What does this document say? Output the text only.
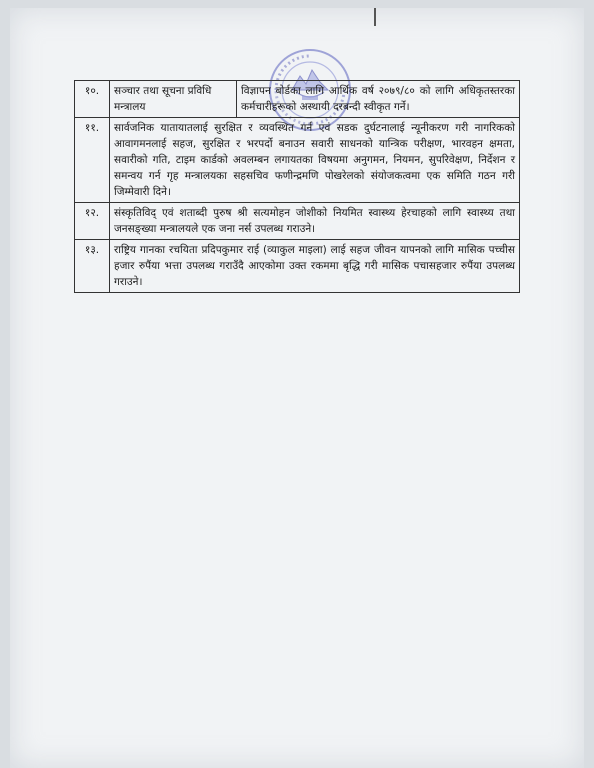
१०.	सञ्चार तथा सूचना प्रविधि मन्त्रालय	विज्ञापन बोर्डका लागि आर्थिक वर्ष २०७९/८० को लागि अधिकृतस्तरका कर्मचारीहरूको अस्थायी दरबन्दी स्वीकृत गर्ने।
११.	सार्वजनिक यातायातलाई सुरक्षित र व्यवस्थित गर्न एवं सडक दुर्घटनालाई न्यूनीकरण गरी नागरिकको आवागमनलाई सहज, सुरक्षित र भरपर्दो बनाउन सवारी साधनको यान्त्रिक परीक्षण, भारवहन क्षमता, सवारीको गति, टाइम कार्डको अवलम्बन लगायतका विषयमा अनुगमन, नियमन, सुपरिवेक्षण, निर्देशन र समन्वय गर्न गृह मन्त्रालयका सहसचिव फणीन्द्रमणि पोखरेलको संयोजकत्वमा एक समिति गठन गरी जिम्मेवारी दिने।	
१२.	संस्कृतिविद् एवं शताब्दी पुरुष श्री सत्यमोहन जोशीको नियमित स्वास्थ्य हेरचाहको लागि स्वास्थ्य तथा जनसङ्ख्या मन्त्रालयले एक जना नर्स उपलब्ध गराउने।	
१३.	राष्ट्रिय गानका रचयिता प्रदिपकुमार राई (व्याकुल माइला) लाई सहज जीवन यापनको लागि मासिक पच्चीस हजार रुपैंया भत्ता उपलब्ध गराउँदै आएकोमा उक्त रकममा बृद्धि गरी मासिक पचासहजार रुपैंया उपलब्ध गराउने।	
